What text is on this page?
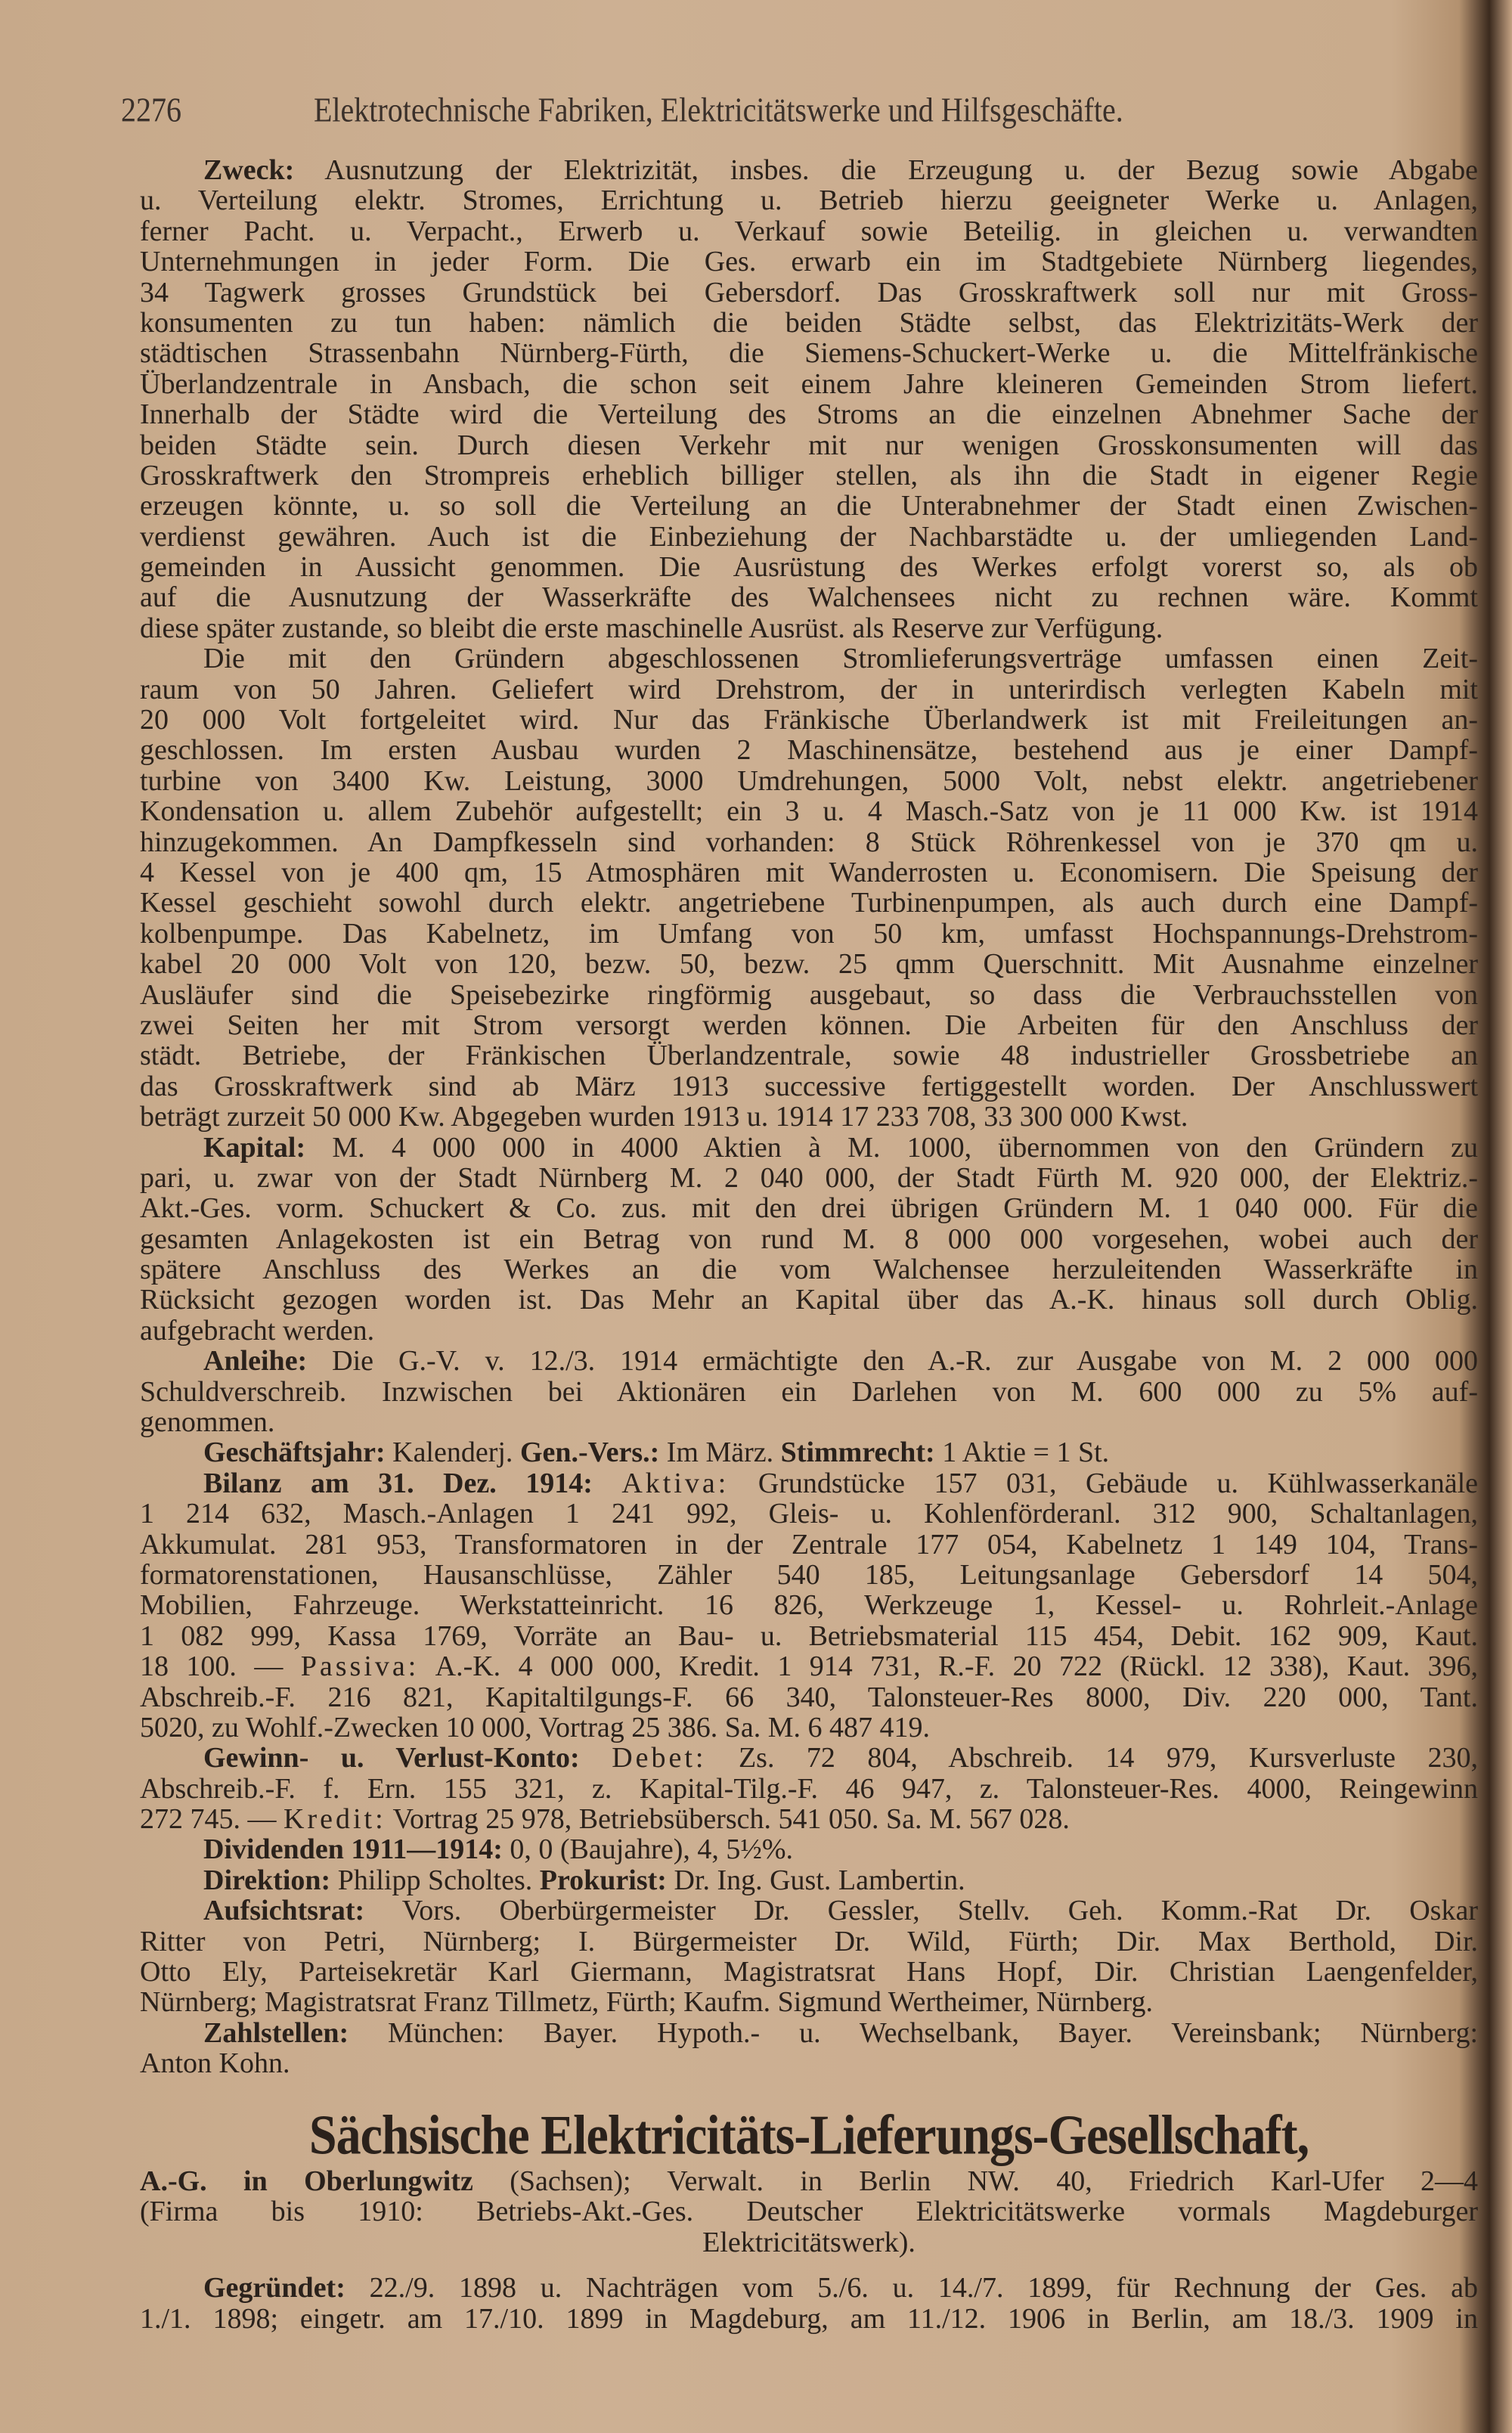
2276	Elektrotechnische Fabriken, Elektricitätswerke und Hilfsgeschäfte.
Zweck: Ausnutzung der Elektrizität, insbes. die Erzeugung u. der Bezug sowie Abgabe
u. Verteilung elektr. Stromes, Errichtung u. Betrieb hierzu geeigneter Werke u. Anlagen,
ferner Pacht. u. Verpacht., Erwerb u. Verkauf sowie Beteilig. in gleichen u. verwandten
Unternehmungen in jeder Form. Die Ges. erwarb ein im Stadtgebiete Nürnberg liegendes,
34 Tagwerk grosses Grundstück bei Gebersdorf. Das Grosskraftwerk soll nur mit Gross-
konsumenten zu tun haben: nämlich die beiden Städte selbst, das Elektrizitäts-Werk der
städtischen Strassenbahn Nürnberg-Fürth, die Siemens-Schuckert-Werke u. die Mittelfränkische
Überlandzentrale in Ansbach, die schon seit einem Jahre kleineren Gemeinden Strom liefert.
Innerhalb der Städte wird die Verteilung des Stroms an die einzelnen Abnehmer Sache der
beiden Städte sein. Durch diesen Verkehr mit nur wenigen Grosskonsumenten will das
Grosskraftwerk den Strompreis erheblich billiger stellen, als ihn die Stadt in eigener Regie
erzeugen könnte, u. so soll die Verteilung an die Unterabnehmer der Stadt einen Zwischen-
verdienst gewähren. Auch ist die Einbeziehung der Nachbarstädte u. der umliegenden Land-
gemeinden in Aussicht genommen. Die Ausrüstung des Werkes erfolgt vorerst so, als ob
auf die Ausnutzung der Wasserkräfte des Walchensees nicht zu rechnen wäre. Kommt
diese später zustande, so bleibt die erste maschinelle Ausrüst. als Reserve zur Verfügung.
Die mit den Gründern abgeschlossenen Stromlieferungsverträge umfassen einen Zeit-
raum von 50 Jahren. Geliefert wird Drehstrom, der in unterirdisch verlegten Kabeln mit
20 000 Volt fortgeleitet wird. Nur das Fränkische Überlandwerk ist mit Freileitungen an-
geschlossen. Im ersten Ausbau wurden 2 Maschinensätze, bestehend aus je einer Dampf-
turbine von 3400 Kw. Leistung, 3000 Umdrehungen, 5000 Volt, nebst elektr. angetriebener
Kondensation u. allem Zubehör aufgestellt; ein 3 u. 4 Masch.-Satz von je 11 000 Kw. ist 1914
hinzugekommen. An Dampfkesseln sind vorhanden: 8 Stück Röhrenkessel von je 370 qm u.
4 Kessel von je 400 qm, 15 Atmosphären mit Wanderrosten u. Economisern. Die Speisung der
Kessel geschieht sowohl durch elektr. angetriebene Turbinenpumpen, als auch durch eine Dampf-
kolbenpumpe. Das Kabelnetz, im Umfang von 50 km, umfasst Hochspannungs-Drehstrom-
kabel 20 000 Volt von 120, bezw. 50, bezw. 25 qmm Querschnitt. Mit Ausnahme einzelner
Ausläufer sind die Speisebezirke ringförmig ausgebaut, so dass die Verbrauchsstellen von
zwei Seiten her mit Strom versorgt werden können. Die Arbeiten für den Anschluss der
städt. Betriebe, der Fränkischen Überlandzentrale, sowie 48 industrieller Grossbetriebe an
das Grosskraftwerk sind ab März 1913 successive fertiggestellt worden. Der Anschlusswert
beträgt zurzeit 50 000 Kw. Abgegeben wurden 1913 u. 1914 17 233 708, 33 300 000 Kwst.
Kapital: M. 4 000 000 in 4000 Aktien à M. 1000, übernommen von den Gründern zu
pari, u. zwar von der Stadt Nürnberg M. 2 040 000, der Stadt Fürth M. 920 000, der Elektriz.-
Akt.-Ges. vorm. Schuckert & Co. zus. mit den drei übrigen Gründern M. 1 040 000. Für die
gesamten Anlagekosten ist ein Betrag von rund M. 8 000 000 vorgesehen, wobei auch der
spätere Anschluss des Werkes an die vom Walchensee herzuleitenden Wasserkräfte in
Rücksicht gezogen worden ist. Das Mehr an Kapital über das A.-K. hinaus soll durch Oblig.
aufgebracht werden.
Anleihe: Die G.-V. v. 12./3. 1914 ermächtigte den A.-R. zur Ausgabe von M. 2 000 000
Schuldverschreib. Inzwischen bei Aktionären ein Darlehen von M. 600 000 zu 5% auf-
genommen.
Geschäftsjahr: Kalenderj. Gen.-Vers.: Im März. Stimmrecht: 1 Aktie = 1 St.
Bilanz am 31. Dez. 1914: Aktiva: Grundstücke 157 031, Gebäude u. Kühlwasserkanäle
1 214 632, Masch.-Anlagen 1 241 992, Gleis- u. Kohlenförderanl. 312 900, Schaltanlagen,
Akkumulat. 281 953, Transformatoren in der Zentrale 177 054, Kabelnetz 1 149 104, Trans-
formatorenstationen, Hausanschlüsse, Zähler 540 185, Leitungsanlage Gebersdorf 14 504,
Mobilien, Fahrzeuge. Werkstatteinricht. 16 826, Werkzeuge 1, Kessel- u. Rohrleit.-Anlage
1 082 999, Kassa 1769, Vorräte an Bau- u. Betriebsmaterial 115 454, Debit. 162 909, Kaut.
18 100. — Passiva: A.-K. 4 000 000, Kredit. 1 914 731, R.-F. 20 722 (Rückl. 12 338), Kaut. 396,
Abschreib.-F. 216 821, Kapitaltilgungs-F. 66 340, Talonsteuer-Res 8000, Div. 220 000, Tant.
5020, zu Wohlf.-Zwecken 10 000, Vortrag 25 386. Sa. M. 6 487 419.
Gewinn- u. Verlust-Konto: Debet: Zs. 72 804, Abschreib. 14 979, Kursverluste 230,
Abschreib.-F. f. Ern. 155 321, z. Kapital-Tilg.-F. 46 947, z. Talonsteuer-Res. 4000, Reingewinn
272 745. — Kredit: Vortrag 25 978, Betriebsübersch. 541 050. Sa. M. 567 028.
Dividenden 1911—1914: 0, 0 (Baujahre), 4, 5½%.
Direktion: Philipp Scholtes. Prokurist: Dr. Ing. Gust. Lambertin.
Aufsichtsrat: Vors. Oberbürgermeister Dr. Gessler, Stellv. Geh. Komm.-Rat Dr. Oskar
Ritter von Petri, Nürnberg; I. Bürgermeister Dr. Wild, Fürth; Dir. Max Berthold, Dir.
Otto Ely, Parteisekretär Karl Giermann, Magistratsrat Hans Hopf, Dir. Christian Laengenfelder,
Nürnberg; Magistratsrat Franz Tillmetz, Fürth; Kaufm. Sigmund Wertheimer, Nürnberg.
Zahlstellen: München: Bayer. Hypoth.- u. Wechselbank, Bayer. Vereinsbank; Nürnberg:
Anton Kohn.
Sächsische Elektricitäts-Lieferungs-Gesellschaft,
A.-G. in Oberlungwitz (Sachsen); Verwalt. in Berlin NW. 40, Friedrich Karl-Ufer 2—4
(Firma bis 1910: Betriebs-Akt.-Ges. Deutscher Elektricitätswerke vormals Magdeburger
Elektricitätswerk).
Gegründet: 22./9. 1898 u. Nachträgen vom 5./6. u. 14./7. 1899, für Rechnung der Ges. ab
1./1. 1898; eingetr. am 17./10. 1899 in Magdeburg, am 11./12. 1906 in Berlin, am 18./3. 1909 in
